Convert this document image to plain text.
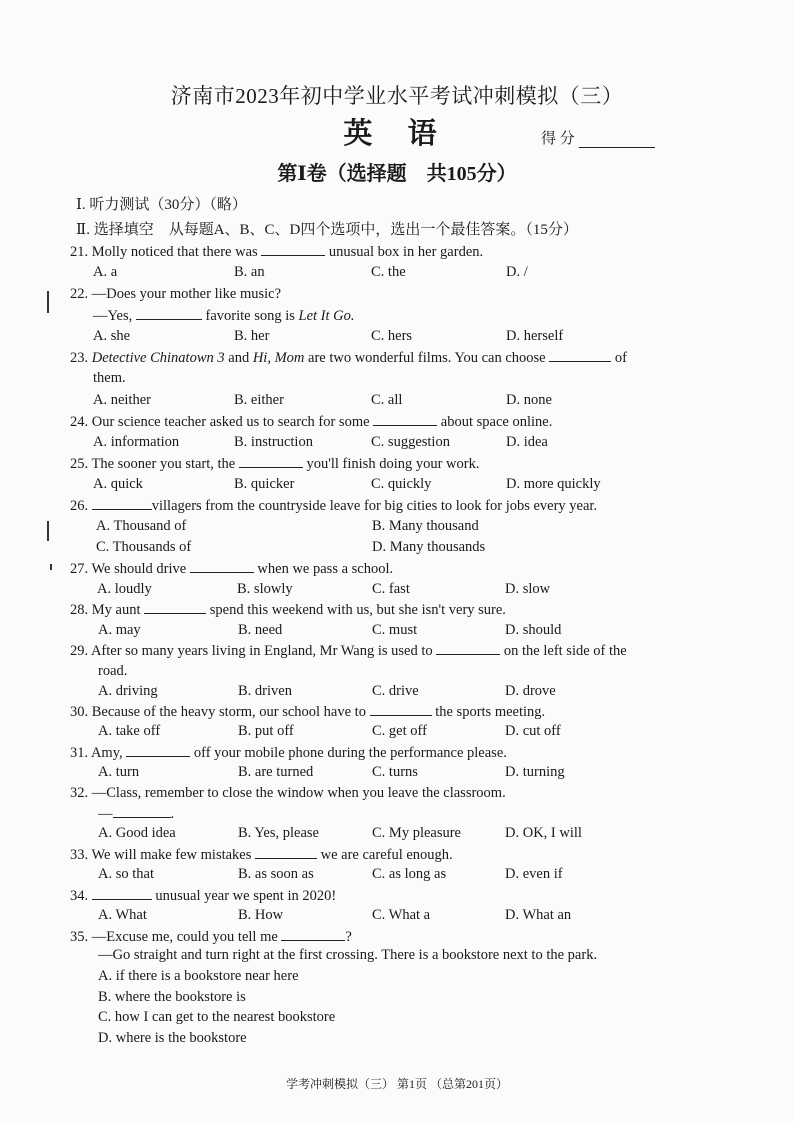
济南市2023年初中学业水平考试冲刺模拟（三）
英 语	得 分
第Ⅰ卷（选择题　共105分）
Ⅰ. 听力测试（30分）（略）
Ⅱ. 选择填空　从每题A、B、C、D四个选项中，选出一个最佳答案。（15分）
21. Molly noticed that there was	unusual box in her garden.
A. a	B. an	C. the	D. /
22. —Does your mother like music?
—Yes,	favorite song is Let It Go.
A. she	B. her	C. hers	D. herself
23. Detective Chinatown 3 and Hi, Mom are two wonderful films. You can choose	of
them.
A. neither	B. either	C. all	D. none
24. Our science teacher asked us to search for some	about space online.
A. information	B. instruction	C. suggestion	D. idea
25. The sooner you start, the	you'll finish doing your work.
A. quick	B. quicker	C. quickly	D. more quickly
26.	villagers from the countryside leave for big cities to look for jobs every year.
A. Thousand of	B. Many thousand
C. Thousands of	D. Many thousands
27. We should drive	when we pass a school.
A. loudly	B. slowly	C. fast	D. slow
28. My aunt	spend this weekend with us, but she isn't very sure.
A. may	B. need	C. must	D. should
29. After so many years living in England, Mr Wang is used to	on the left side of the
road.
A. driving	B. driven	C. drive	D. drove
30. Because of the heavy storm, our school have to	the sports meeting.
A. take off	B. put off	C. get off	D. cut off
31. Amy,	off your mobile phone during the performance please.
A. turn	B. are turned	C. turns	D. turning
32. —Class, remember to close the window when you leave the classroom.
—	.
A. Good idea	B. Yes, please	C. My pleasure	D. OK, I will
33. We will make few mistakes	we are careful enough.
A. so that	B. as soon as	C. as long as	D. even if
34.	unusual year we spent in 2020!
A. What	B. How	C. What a	D. What an
35. —Excuse me, could you tell me	?
—Go straight and turn right at the first crossing. There is a bookstore next to the park.
A. if there is a bookstore near here
B. where the bookstore is
C. how I can get to the nearest bookstore
D. where is the bookstore
学考冲刺模拟（三） 第1页 （总第201页）
